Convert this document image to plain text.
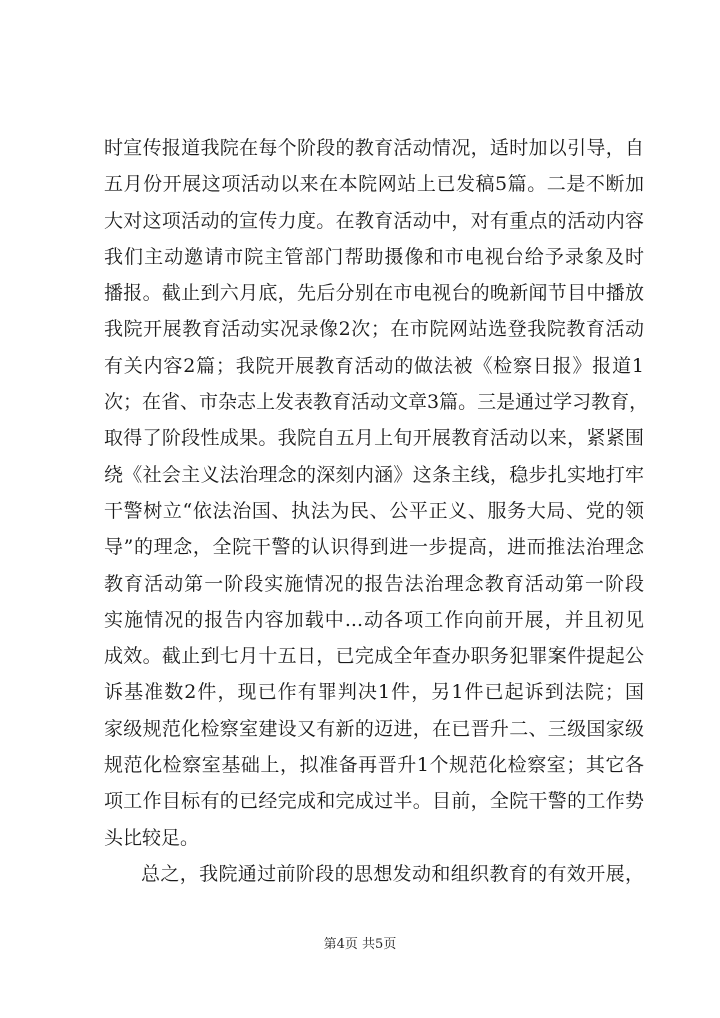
时宣传报道我院在每个阶段的教育活动情况，适时加以引导，自
五月份开展这项活动以来在本院网站上已发稿5篇。二是不断加
大对这项活动的宣传力度。在教育活动中，对有重点的活动内容
我们主动邀请市院主管部门帮助摄像和市电视台给予录象及时
播报。截止到六月底，先后分别在市电视台的晚新闻节目中播放
我院开展教育活动实况录像2次；在市院网站选登我院教育活动
有关内容2篇；我院开展教育活动的做法被《检察日报》报道1
次；在省、市杂志上发表教育活动文章3篇。三是通过学习教育，
取得了阶段性成果。我院自五月上旬开展教育活动以来，紧紧围
绕《社会主义法治理念的深刻内涵》这条主线，稳步扎实地打牢
干警树立“依法治国、执法为民、公平正义、服务大局、党的领
导”的理念，全院干警的认识得到进一步提高，进而推法治理念
教育活动第一阶段实施情况的报告法治理念教育活动第一阶段
实施情况的报告内容加载中...动各项工作向前开展，并且初见
成效。截止到七月十五日，已完成全年查办职务犯罪案件提起公
诉基准数2件，现已作有罪判决1件，另1件已起诉到法院；国
家级规范化检察室建设又有新的迈进，在已晋升二、三级国家级
规范化检察室基础上，拟准备再晋升1个规范化检察室；其它各
项工作目标有的已经完成和完成过半。目前，全院干警的工作势
头比较足。
总之，我院通过前阶段的思想发动和组织教育的有效开展，
第4页 共5页
